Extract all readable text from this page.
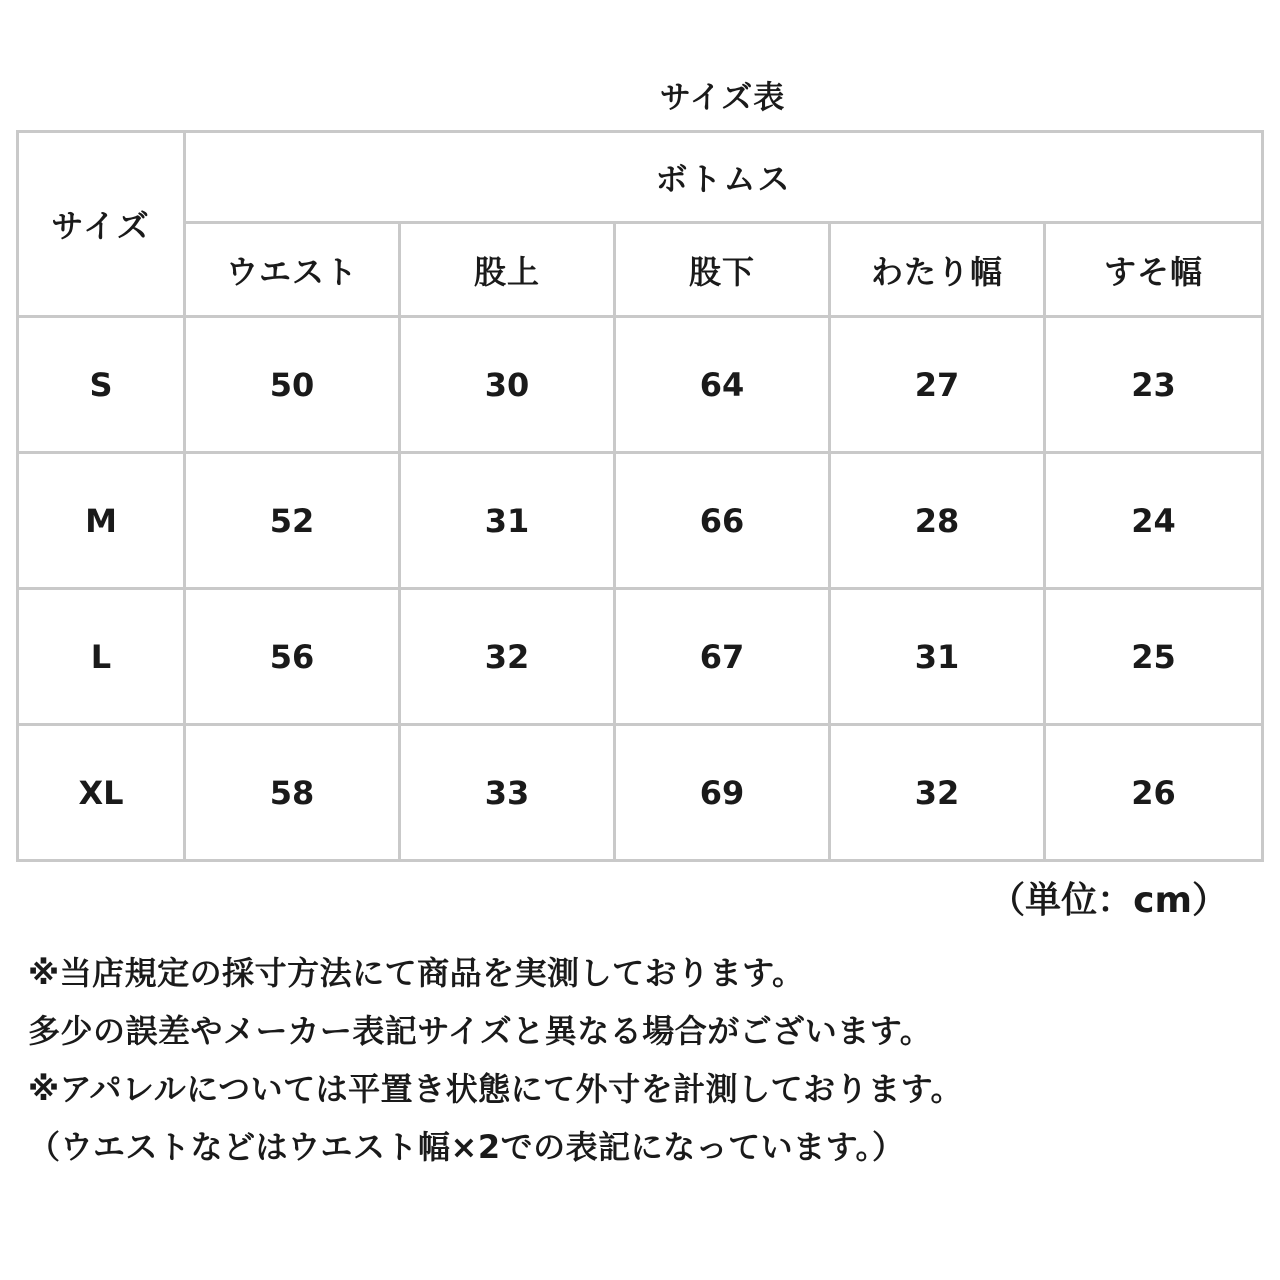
サイズ表
サイズ	ボトムス				
	ウエスト	股上	股下	わたり幅	すそ幅
S	50	30	64	27	23
M	52	31	66	28	24
L	56	32	67	31	25
XL	58	33	69	32	26
（単位：cm）
※当店規定の採寸方法にて商品を実測しております。
多少の誤差やメーカー表記サイズと異なる場合がございます。
※アパレルについては平置き状態にて外寸を計測しております。
（ウエストなどはウエスト幅×2での表記になっています。）
